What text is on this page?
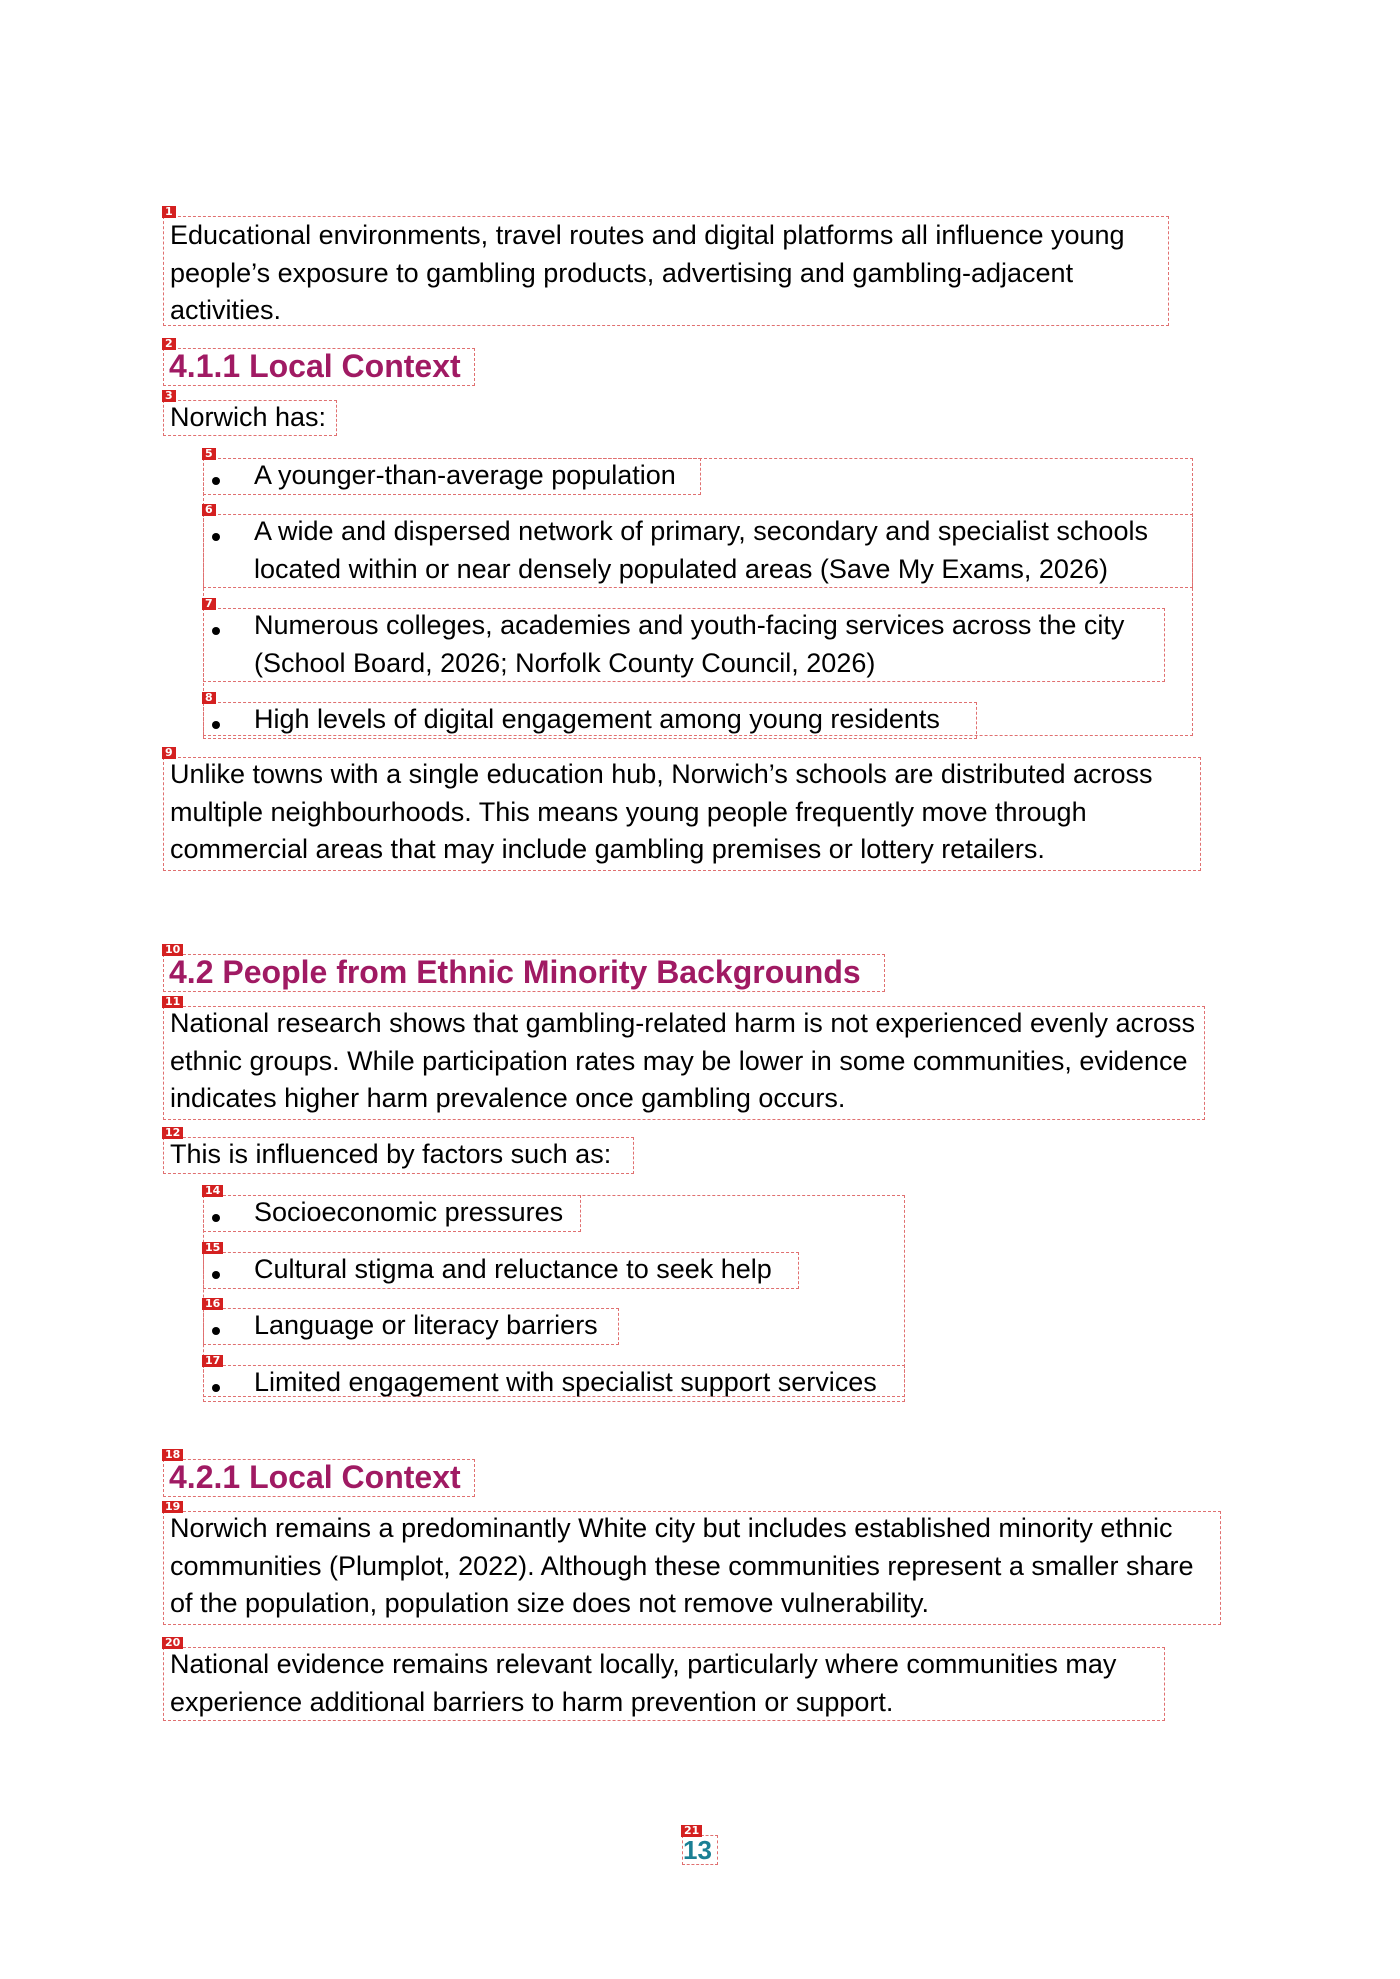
1
Educational environments, travel routes and digital platforms all influence young people’s exposure to gambling products, advertising and gambling-adjacent activities.
2
4.1.1 Local Context
3
Norwich has:
5
A younger-than-average population
6
A wide and dispersed network of primary, secondary and specialist schools located within or near densely populated areas (Save My Exams, 2026)
7
Numerous colleges, academies and youth-facing services across the city (School Board, 2026; Norfolk County Council, 2026)
8
High levels of digital engagement among young residents
9
Unlike towns with a single education hub, Norwich’s schools are distributed across multiple neighbourhoods. This means young people frequently move through commercial areas that may include gambling premises or lottery retailers.
10
4.2 People from Ethnic Minority Backgrounds
11
National research shows that gambling-related harm is not experienced evenly across ethnic groups. While participation rates may be lower in some communities, evidence indicates higher harm prevalence once gambling occurs.
12
This is influenced by factors such as:
14
Socioeconomic pressures
15
Cultural stigma and reluctance to seek help
16
Language or literacy barriers
17
Limited engagement with specialist support services
18
4.2.1 Local Context
19
Norwich remains a predominantly White city but includes established minority ethnic communities (Plumplot, 2022). Although these communities represent a smaller share of the population, population size does not remove vulnerability.
20
National evidence remains relevant locally, particularly where communities may experience additional barriers to harm prevention or support.
21
13
